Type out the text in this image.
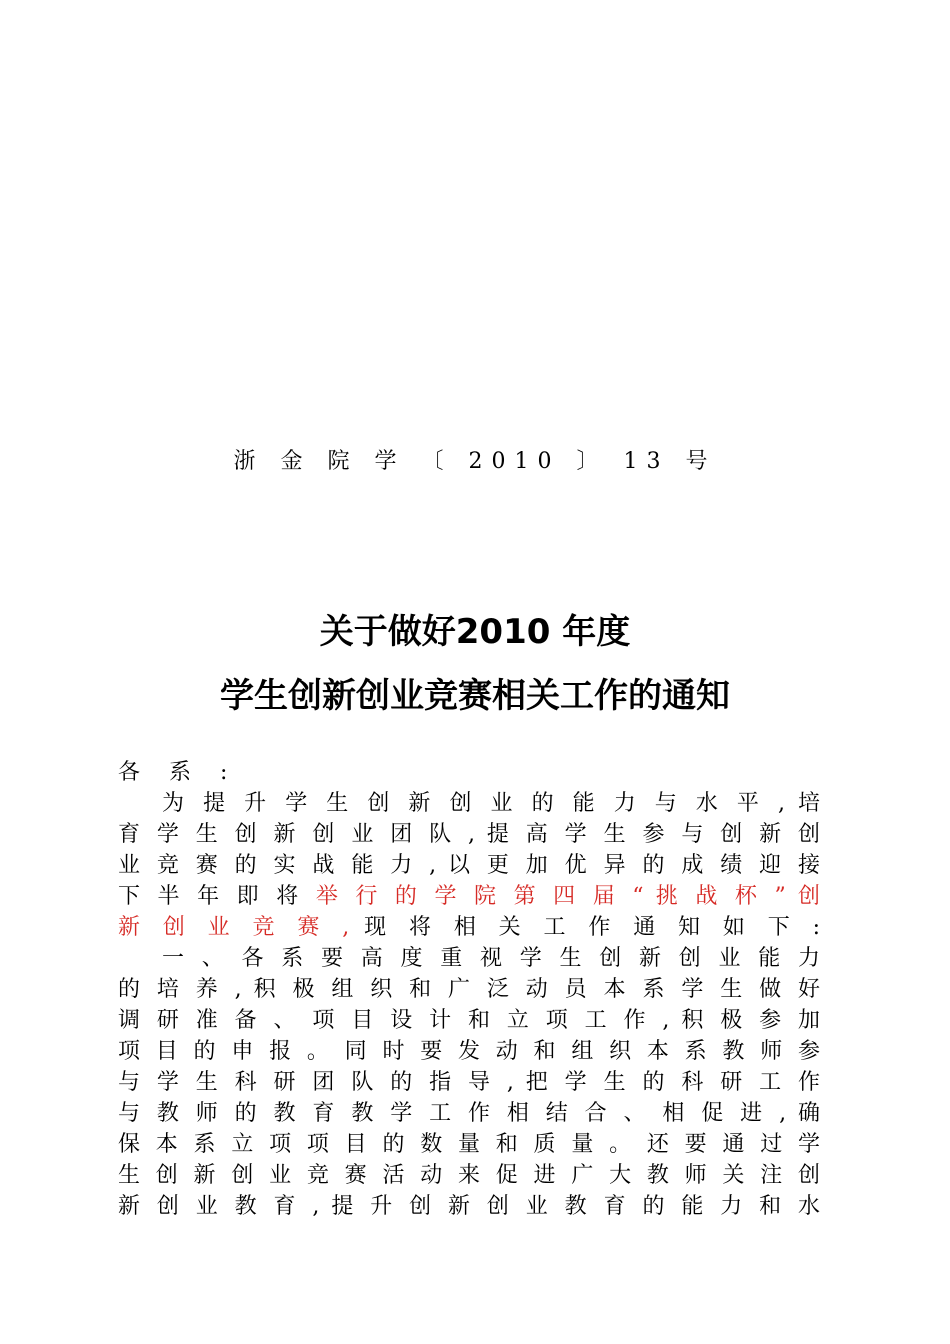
浙 金 院 学 〔 2010 〕 13 号
关于做好2010 年度
学生创新创业竞赛相关工作的通知
各 系 :
为 提 升 学 生 创 新 创 业 的 能 力 与 水 平 , 培
育 学 生 创 新 创 业 团 队 , 提 高 学 生 参 与 创 新 创
业 竞 赛 的 实 战 能 力 , 以 更 加 优 异 的 成 绩 迎 接
下 半 年 即 将 举 行 的 学 院 第 四 届 “ 挑 战 杯 ” 创
新 创 业 竞 赛 , 现 将 相 关 工 作 通 知 如 下 :
一 、 各 系 要 高 度 重 视 学 生 创 新 创 业 能 力
的 培 养 , 积 极 组 织 和 广 泛 动 员 本 系 学 生 做 好
调 研 准 备 、 项 目 设 计 和 立 项 工 作 , 积 极 参 加
项 目 的 申 报 。 同 时 要 发 动 和 组 织 本 系 教 师 参
与 学 生 科 研 团 队 的 指 导 , 把 学 生 的 科 研 工 作
与 教 师 的 教 育 教 学 工 作 相 结 合 、 相 促 进 , 确
保 本 系 立 项 项 目 的 数 量 和 质 量 。 还 要 通 过 学
生 创 新 创 业 竞 赛 活 动 来 促 进 广 大 教 师 关 注 创
新 创 业 教 育 , 提 升 创 新 创 业 教 育 的 能 力 和 水
